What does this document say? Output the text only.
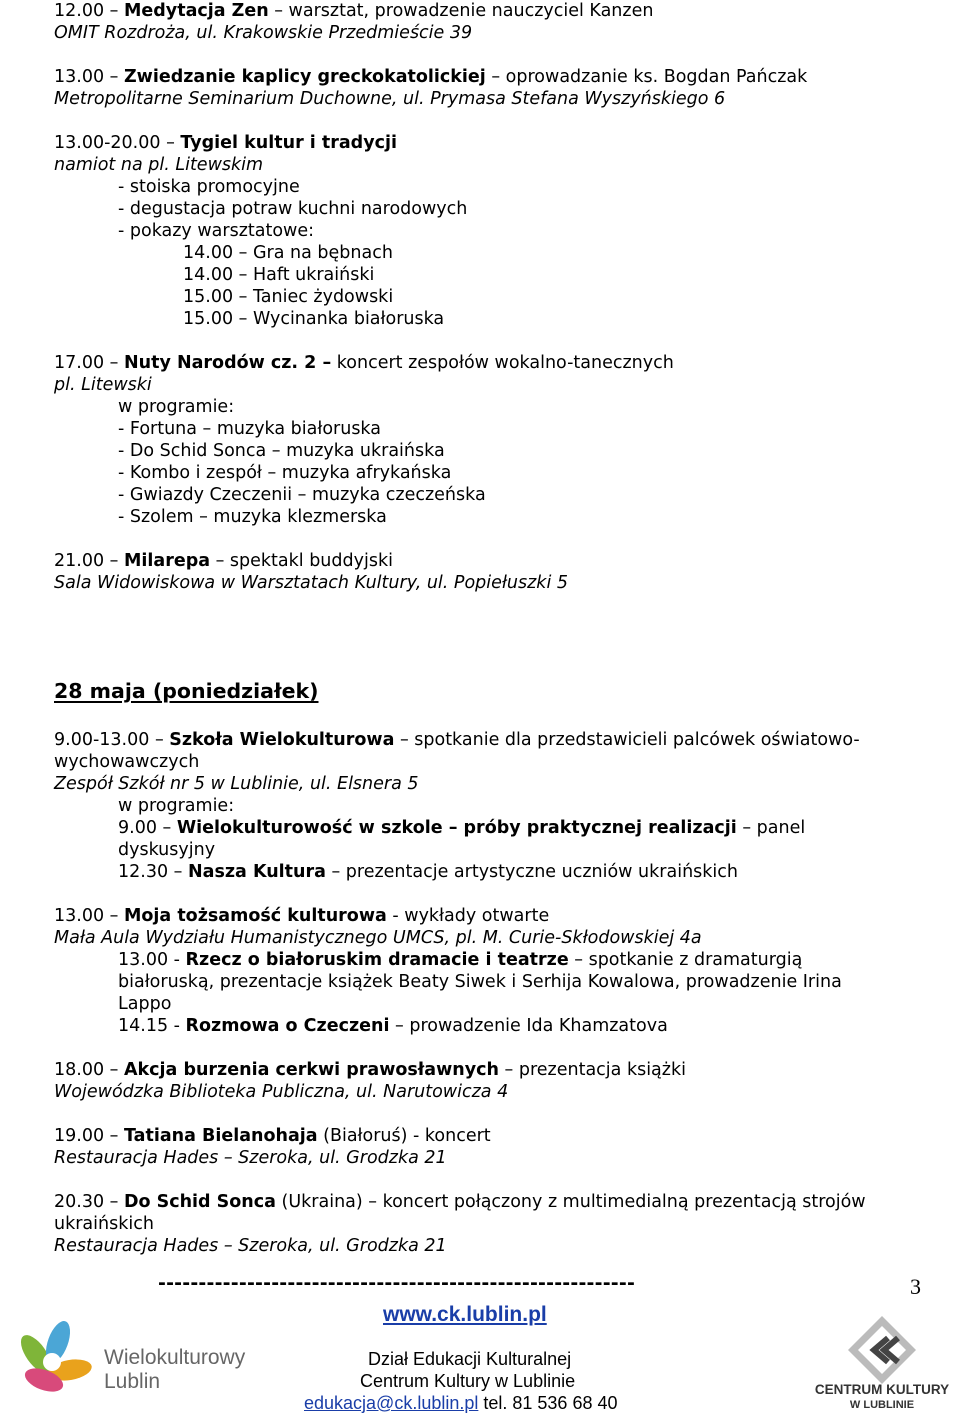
12.00 – Medytacja Zen – warsztat, prowadzenie nauczyciel Kanzen
OMIT Rozdroża, ul. Krakowskie Przedmieście 39
13.00 – Zwiedzanie kaplicy greckokatolickiej – oprowadzanie ks. Bogdan Pańczak
Metropolitarne Seminarium Duchowne, ul. Prymasa Stefana Wyszyńskiego 6
13.00-20.00 – Tygiel kultur i tradycji
namiot na pl. Litewskim
- stoiska promocyjne
- degustacja potraw kuchni narodowych
- pokazy warsztatowe:
14.00 – Gra na bębnach
14.00 – Haft ukraiński
15.00 – Taniec żydowski
15.00 – Wycinanka białoruska
17.00 – Nuty Narodów cz. 2 – koncert zespołów wokalno-tanecznych
pl. Litewski
w programie:
- Fortuna – muzyka białoruska
- Do Schid Sonca – muzyka ukraińska
- Kombo i zespół – muzyka afrykańska
- Gwiazdy Czeczenii – muzyka czeczeńska
- Szolem – muzyka klezmerska
21.00 – Milarepa – spektakl buddyjski
Sala Widowiskowa w Warsztatach Kultury, ul. Popiełuszki 5
28 maja (poniedziałek)
9.00-13.00 – Szkoła Wielokulturowa – spotkanie dla przedstawicieli palcówek oświatowo-
wychowawczych
Zespół Szkół nr 5 w Lublinie, ul. Elsnera 5
w programie:
9.00 – Wielokulturowość w szkole – próby praktycznej realizacji – panel
dyskusyjny
12.30 – Nasza Kultura – prezentacje artystyczne uczniów ukraińskich
13.00 – Moja tożsamość kulturowa - wykłady otwarte
Mała Aula Wydziału Humanistycznego UMCS, pl. M. Curie-Skłodowskiej 4a
13.00 - Rzecz o białoruskim dramacie i teatrze – spotkanie z dramaturgią
białoruską, prezentacje książek Beaty Siwek i Serhija Kowalowa, prowadzenie Irina
Lappo
14.15 - Rozmowa o Czeczeni – prowadzenie Ida Khamzatova
18.00 – Akcja burzenia cerkwi prawosławnych – prezentacja książki
Wojewódzka Biblioteka Publiczna, ul. Narutowicza 4
19.00 – Tatiana Bielanohaja (Białoruś) - koncert
Restauracja Hades – Szeroka, ul. Grodzka 21
20.30 – Do Schid Sonca (Ukraina) – koncert połączony z multimedialną prezentacją strojów
ukraińskich
Restauracja Hades – Szeroka, ul. Grodzka 21
-----------------------------------------------------------	3
www.ck.lublin.pl
Dział Edukacji Kulturalnej
Centrum Kultury w Lublinie
edukacja@ck.lublin.pl tel. 81 536 68 40
Wielokulturowy
Lublin	CENTRUM KULTURY
W LUBLINIE
